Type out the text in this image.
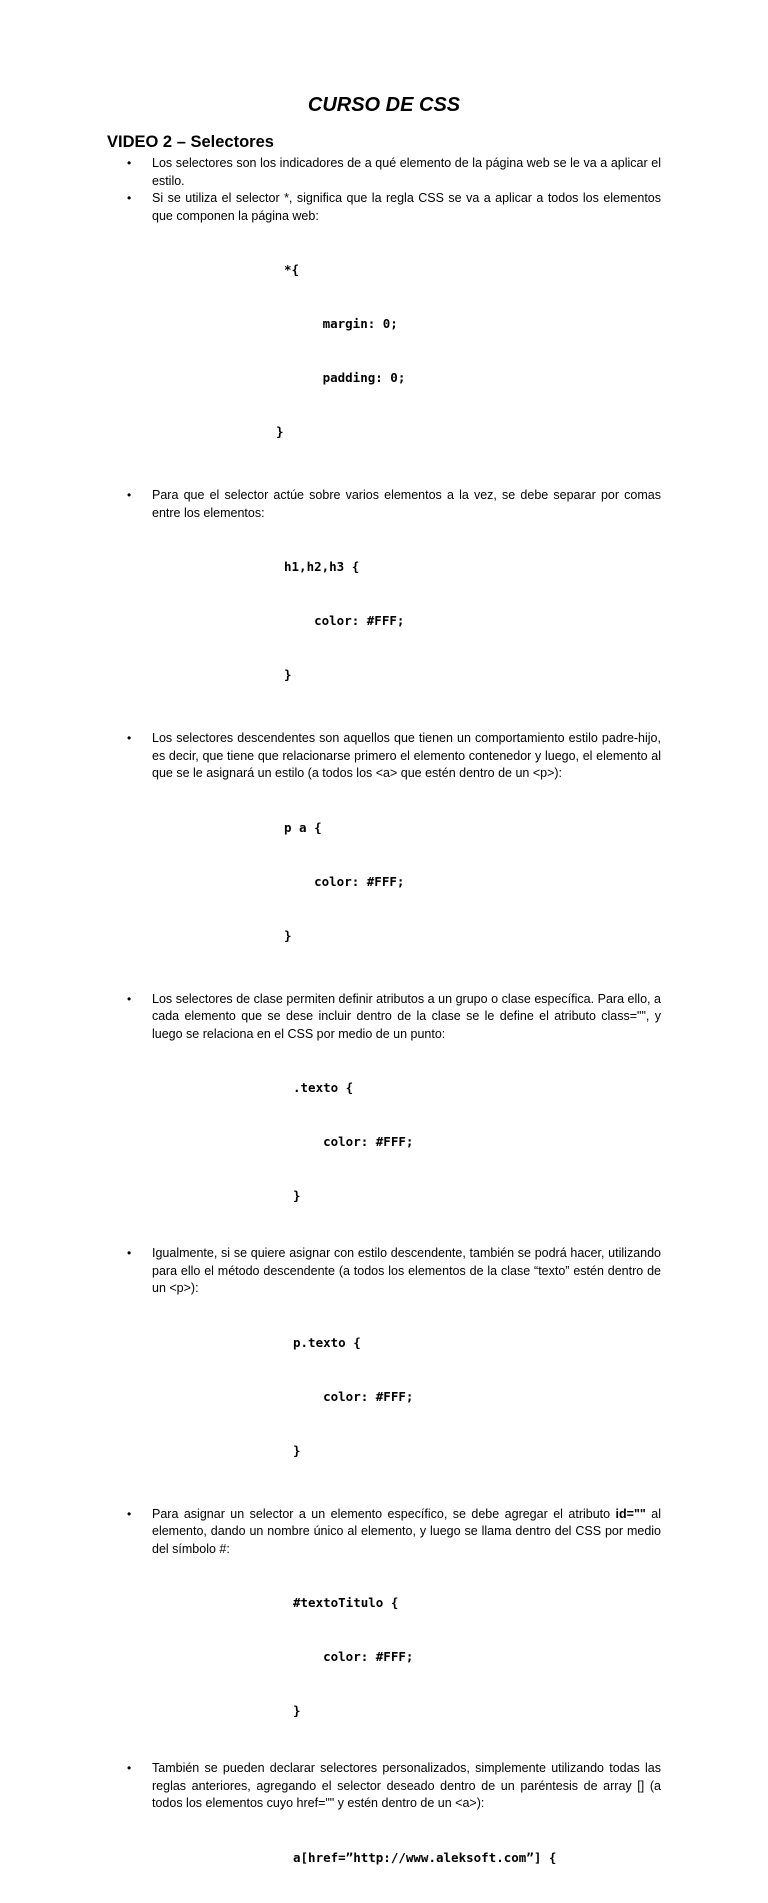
CURSO DE CSS
VIDEO 2 – Selectores
• Los selectores son los indicadores de a qué elemento de la página web se le va a aplicar el estilo.
• Si se utiliza el selector *, significa que la regla CSS se va a aplicar a todos los elementos que componen la página web:

*{

margin: 0;

padding: 0;

}

• Para que el selector actúe sobre varios elementos a la vez, se debe separar por comas entre los elementos:

h1,h2,h3 {

color: #FFF;

}

• Los selectores descendentes son aquellos que tienen un comportamiento estilo padre-hijo, es decir, que tiene que relacionarse primero el elemento contenedor y luego, el elemento al que se le asignará un estilo (a todos los <a> que estén dentro de un <p>):

p a {

color: #FFF;

}

• Los selectores de clase permiten definir atributos a un grupo o clase específica. Para ello, a cada elemento que se dese incluir dentro de la clase se le define el atributo class="", y luego se relaciona en el CSS por medio de un punto:

.texto {

color: #FFF;

}

• Igualmente, si se quiere asignar con estilo descendente, también se podrá hacer, utilizando para ello el método descendente (a todos los elementos de la clase “texto” estén dentro de un <p>):

p.texto {

color: #FFF;

}

• Para asignar un selector a un elemento específico, se debe agregar el atributo id="" al elemento, dando un nombre único al elemento, y luego se llama dentro del CSS por medio del símbolo #:

#textoTitulo {

color: #FFF;

}

• También se pueden declarar selectores personalizados, simplemente utilizando todas las reglas anteriores, agregando el selector deseado dentro de un paréntesis de array [] (a todos los elementos cuyo href="" y estén dentro de un <a>):

a[href=”http://www.aleksoft.com”] {
